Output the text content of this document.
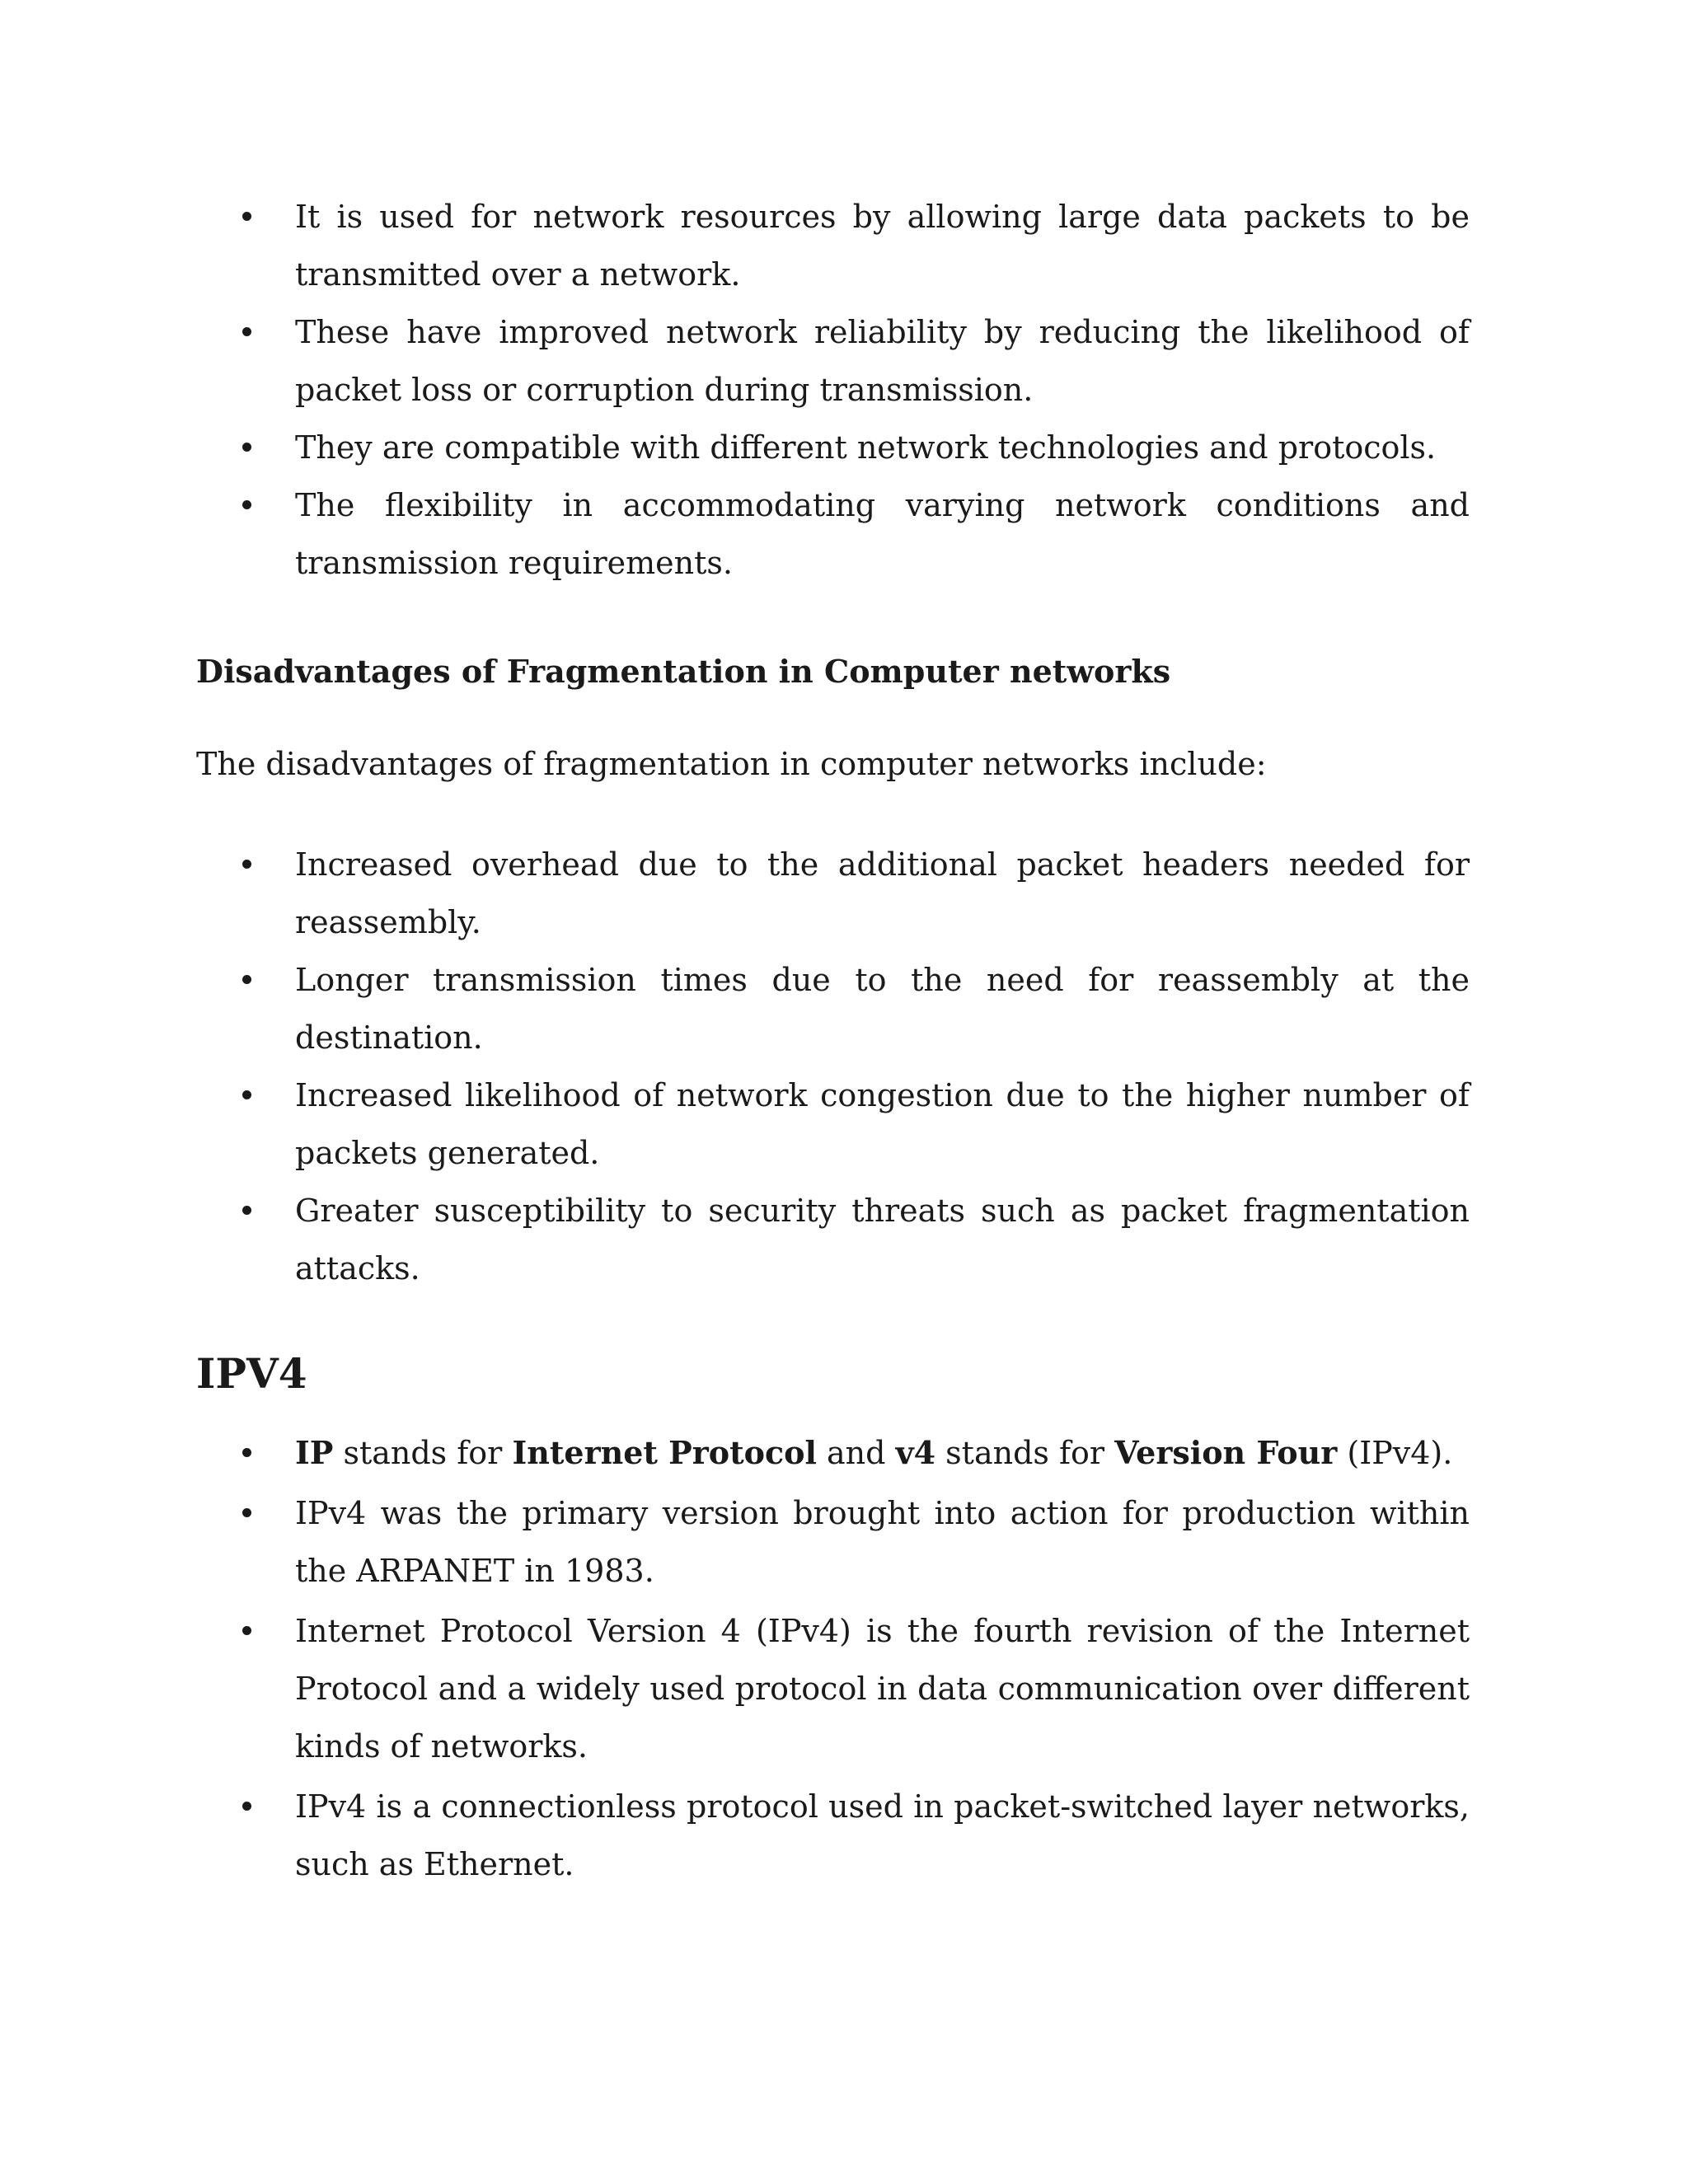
It is used for network resources by allowing large data packets to be transmitted over a network.
These have improved network reliability by reducing the likelihood of packet loss or corruption during transmission.
They are compatible with different network technologies and protocols.
The flexibility in accommodating varying network conditions and transmission requirements.
Disadvantages of Fragmentation in Computer networks
The disadvantages of fragmentation in computer networks include:
Increased overhead due to the additional packet headers needed for reassembly.
Longer transmission times due to the need for reassembly at the destination.
Increased likelihood of network congestion due to the higher number of packets generated.
Greater susceptibility to security threats such as packet fragmentation attacks.
IPV4
IP stands for Internet Protocol and v4 stands for Version Four (IPv4).
IPv4 was the primary version brought into action for production within the ARPANET in 1983.
Internet Protocol Version 4 (IPv4) is the fourth revision of the Internet Protocol and a widely used protocol in data communication over different kinds of networks.
IPv4 is a connectionless protocol used in packet-switched layer networks, such as Ethernet.
